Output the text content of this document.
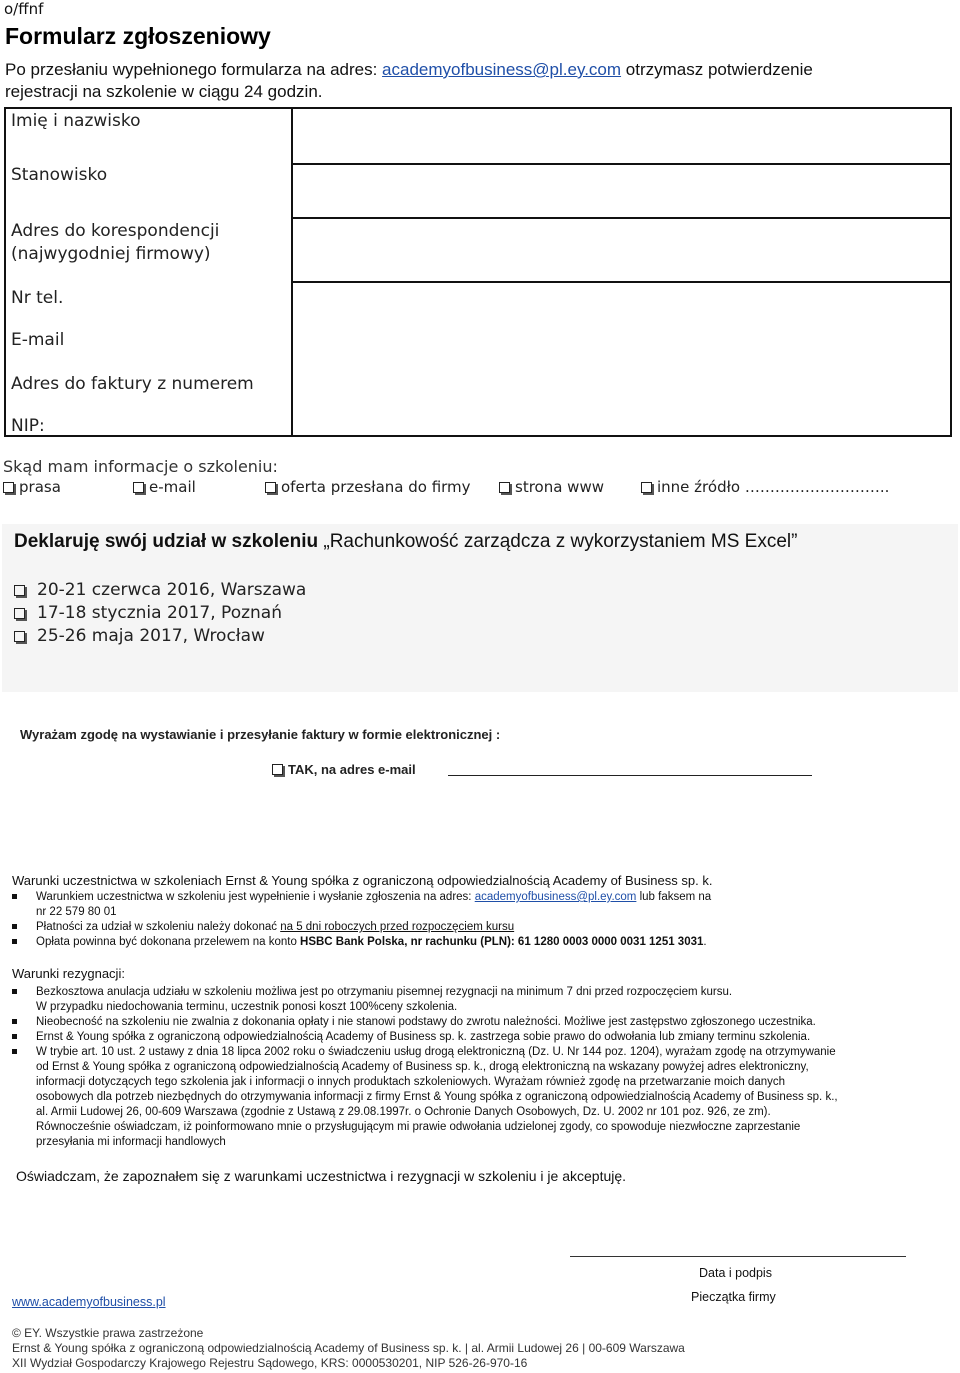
o/ffnf
Formularz zgłoszeniowy
Po przesłaniu wypełnionego formularza na adres: academyofbusiness@pl.ey.com otrzymasz potwierdzenie
rejestracji na szkolenie w ciągu 24 godzin.
Imię i nazwisko
Stanowisko
Adres do korespondencji
(najwygodniej firmowy)
Nr tel.
E-mail
Adres do faktury z numerem
NIP:
Skąd mam informacje o szkoleniu:
prasa	e-mail	oferta przesłana do firmy	strona www	inne źródło ………………………..
Deklaruję swój udział w szkoleniu „Rachunkowość zarządcza z wykorzystaniem MS Excel”
20-21 czerwca 2016, Warszawa
17-18 stycznia 2017, Poznań
25-26 maja 2017, Wrocław
Wyrażam zgodę na wystawianie i przesyłanie faktury w formie elektronicznej :
TAK, na adres e-mail
Warunki uczestnictwa w szkoleniach Ernst & Young spółka z ograniczoną odpowiedzialnością Academy of Business sp. k.
Warunkiem uczestnictwa w szkoleniu jest wypełnienie i wysłanie zgłoszenia na adres: academyofbusiness@pl.ey.com lub faksem na
nr 22 579 80 01
Płatności za udział w szkoleniu należy dokonać na 5 dni roboczych przed rozpoczęciem kursu
Opłata powinna być dokonana przelewem na konto HSBC Bank Polska, nr rachunku (PLN): 61 1280 0003 0000 0031 1251 3031.
Warunki rezygnacji:
Bezkosztowa anulacja udziału w szkoleniu możliwa jest po otrzymaniu pisemnej rezygnacji na minimum 7 dni przed rozpoczęciem kursu.
W przypadku niedochowania terminu, uczestnik ponosi koszt 100%ceny szkolenia.
Nieobecność na szkoleniu nie zwalnia z dokonania opłaty i nie stanowi podstawy do zwrotu należności. Możliwe jest zastępstwo zgłoszonego uczestnika.
Ernst & Young spółka z ograniczoną odpowiedzialnością Academy of Business sp. k. zastrzega sobie prawo do odwołania lub zmiany terminu szkolenia.
W trybie art. 10 ust. 2 ustawy z dnia 18 lipca 2002 roku o świadczeniu usług drogą elektroniczną (Dz. U. Nr 144 poz. 1204), wyrażam zgodę na otrzymywanie
od Ernst & Young spółka z ograniczoną odpowiedzialnością Academy of Business sp. k., drogą elektroniczną na wskazany powyżej adres elektroniczny,
informacji dotyczących tego szkolenia jak i informacji o innych produktach szkoleniowych. Wyrażam również zgodę na przetwarzanie moich danych
osobowych dla potrzeb niezbędnych do otrzymywania informacji z firmy Ernst & Young spółka z ograniczoną odpowiedzialnością Academy of Business sp. k.,
al. Armii Ludowej 26, 00-609 Warszawa (zgodnie z Ustawą z 29.08.1997r. o Ochronie Danych Osobowych, Dz. U. 2002 nr 101 poz. 926, ze zm).
Równocześnie oświadczam, iż poinformowano mnie o przysługującym mi prawie odwołania udzielonej zgody, co spowoduje niezwłoczne zaprzestanie
przesyłania mi informacji handlowych
Oświadczam, że zapoznałem się z warunkami uczestnictwa i rezygnacji w szkoleniu i je akceptuję.
Data i podpis
Pieczątka firmy
www.academyofbusiness.pl
© EY. Wszystkie prawa zastrzeżone
Ernst & Young spółka z ograniczoną odpowiedzialnością Academy of Business sp. k. | al. Armii Ludowej 26 | 00-609 Warszawa
XII Wydział Gospodarczy Krajowego Rejestru Sądowego, KRS: 0000530201, NIP 526-26-970-16
